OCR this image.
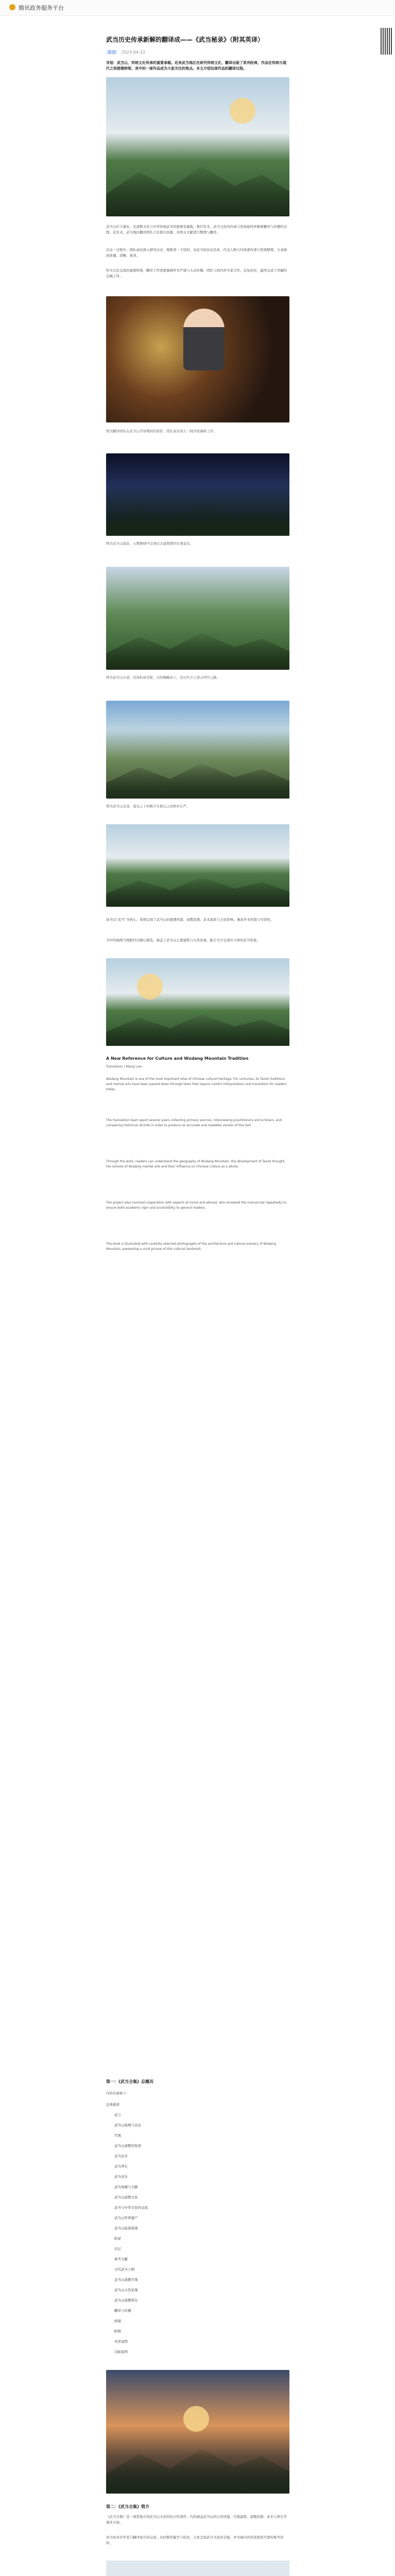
腾讯政务服务平台
武当历史传承新解的翻译成——《武当秘录》（附其英译）
原创 2023-04-12
导语：武当山，传统文化传承的重要承载。近来武当地区在研究传统文化，翻译出版了系列经典，作品在传统与现代之间搭建桥梁，其中的一部作品成为大家关注的焦点。本文介绍这部作品的翻译过程。
武当山位于湖北，是道教文化与中华传统武术的重要发源地。数百年来，武当文化的传承与发扬始终伴随着翻译与传播的过程。近年来，武当地区翻译团队立足地方资源，对相关文献进行整理与翻译。
在这一过程中，团队成员深入研究历史，搜集第一手资料，对武当的历史沿革、代表人物与经典著作进行系统整理，力求做到准确、清晰、易读。
作为文化交流的重要桥梁，翻译工作需要兼顾学术严谨与大众传播。团队与国内外专家合作，反复校对，最终完成了译稿的定稿工作。
图为翻译团队在武当山考察期间的留影，团队成员深入一线开展调研工作。
图为武当山晨景，云雾缭绕中呈现出古建筑群的壮观景色。
图为武当山古道，沿途松林茂密，石阶蜿蜒而上，是历代文人登山所经之路。
图为武当山金顶，晨光之下的殿宇在群山之间格外庄严。
该书以“武当”为核心，系统呈现了武当山的地理风貌、道教思想、武术流派与文化影响，兼具学术价值与可读性。
书中的插图与图版经过精心挑选，涵盖了武当山主要建筑与自然景观，配合文字呈现出立体的武当形象。
A New Reference for Culture and Wudang Mountain Tradition
Translation | Wang Lian
Wudang Mountain is one of the most important sites of Chinese cultural heritage. For centuries, its Taoist traditions and martial arts have been passed down through texts that require careful interpretation and translation for readers today.
The translation team spent several years collecting primary sources, interviewing practitioners and scholars, and comparing historical records in order to produce an accurate and readable version of the text.
Through the work, readers can understand the geography of Wudang Mountain, the development of Taoist thought, the schools of Wudang martial arts and their influence on Chinese culture as a whole.
The project also involved cooperation with experts at home and abroad, who reviewed the manuscript repeatedly to ensure both academic rigor and accessibility to general readers.
The book is illustrated with carefully selected photographs of the architecture and natural scenery of Wudang Mountain, presenting a vivid picture of this cultural landmark.
第一：《武当全集》总概况
内容目录如下：
总体描述
前言
武当山地理与历史
宫观
武当山道教的发展
武当武术
武当养生
武当音乐
武当典籍与文献
武当山道教文化
武当与中华文化的交流
武当山世界遗产
武当山旅游指南
附录
后记
参考文献
古代武当人物
武当山道教宫观
武当山自然景观
武当山道教科仪
翻译与传播
致谢
附图
译者说明
出版说明
第二：《武当全集》简介
《武当全集》是一部系统介绍武当山文化的综合性著作，内容涵盖武当山的自然风貌、宫观建筑、道教思想、武术与养生等诸多方面。
该书由多位学者与翻译家共同完成，历时数年编写与校对，力求呈现武当文化的全貌，并为海内外读者提供可靠的参考资料。
